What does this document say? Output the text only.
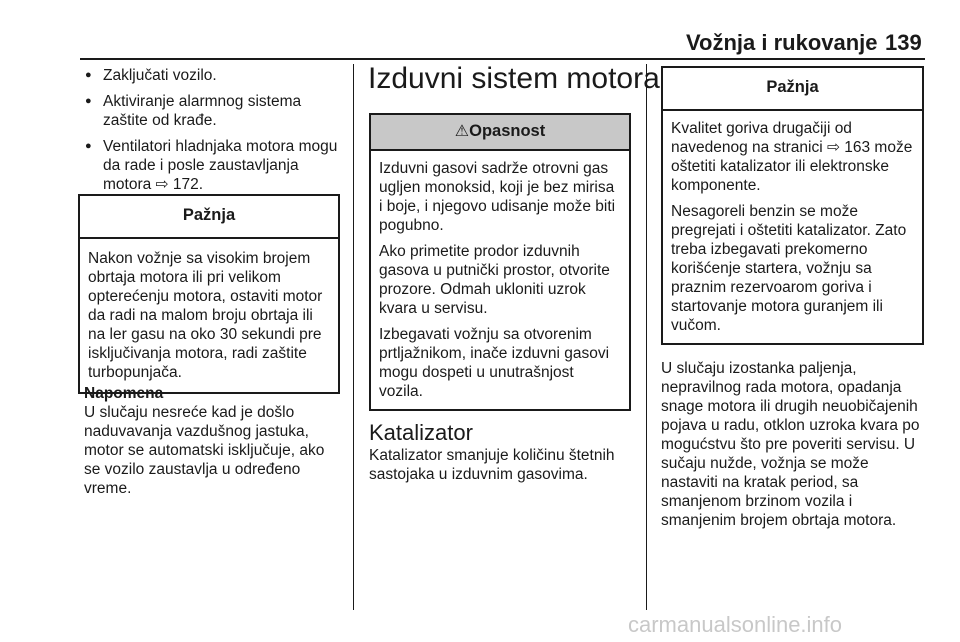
Vožnja i rukovanje 139
● Zaključati vozilo.
● Aktiviranje alarmnog sistema zaštite od krađe.
● Ventilatori hladnjaka motora mogu da rade i posle zaustavljanja motora ⇨ 172.
Pažnja

Nakon vožnje sa visokim brojem obrtaja motora ili pri velikom opterećenju motora, ostaviti motor da radi na malom broju obrtaja ili na ler gasu na oko 30 sekundi pre isključivanja motora, radi zaštite turbopunjača.

Napomena
U slučaju nesreće kad je došlo naduvavanja vazdušnog jastuka, motor se automatski isključuje, ako se vozilo zaustavlja u određeno vreme.
Izduvni sistem motora
⚠Opasnost

Izduvni gasovi sadrže otrovni gas ugljen monoksid, koji je bez mirisa i boje, i njegovo udisanje može biti pogubno.

Ako primetite prodor izduvnih gasova u putnički prostor, otvorite prozore. Odmah ukloniti uzrok kvara u servisu.

Izbegavati vožnju sa otvorenim prtljažnikom, inače izduvni gasovi mogu dospeti u unutrašnjost vozila.

Katalizator
Katalizator smanjuje količinu štetnih sastojaka u izduvnim gasovima.
Pažnja

Kvalitet goriva drugačiji od navedenog na stranici ⇨ 163 može oštetiti katalizator ili elektronske komponente.

Nesagoreli benzin se može pregrejati i oštetiti katalizator. Zato treba izbegavati prekomerno korišćenje startera, vožnju sa praznim rezervoarom goriva i startovanje motora guranjem ili vučom.

U slučaju izostanka paljenja, nepravilnog rada motora, opadanja snage motora ili drugih neuobičajenih pojava u radu, otklon uzroka kvara po mogućstvu što pre poveriti servisu. U sučaju nužde, vožnja se može nastaviti na kratak period, sa smanjenom brzinom vozila i smanjenim brojem obrtaja motora.
carmanualsonline.info
